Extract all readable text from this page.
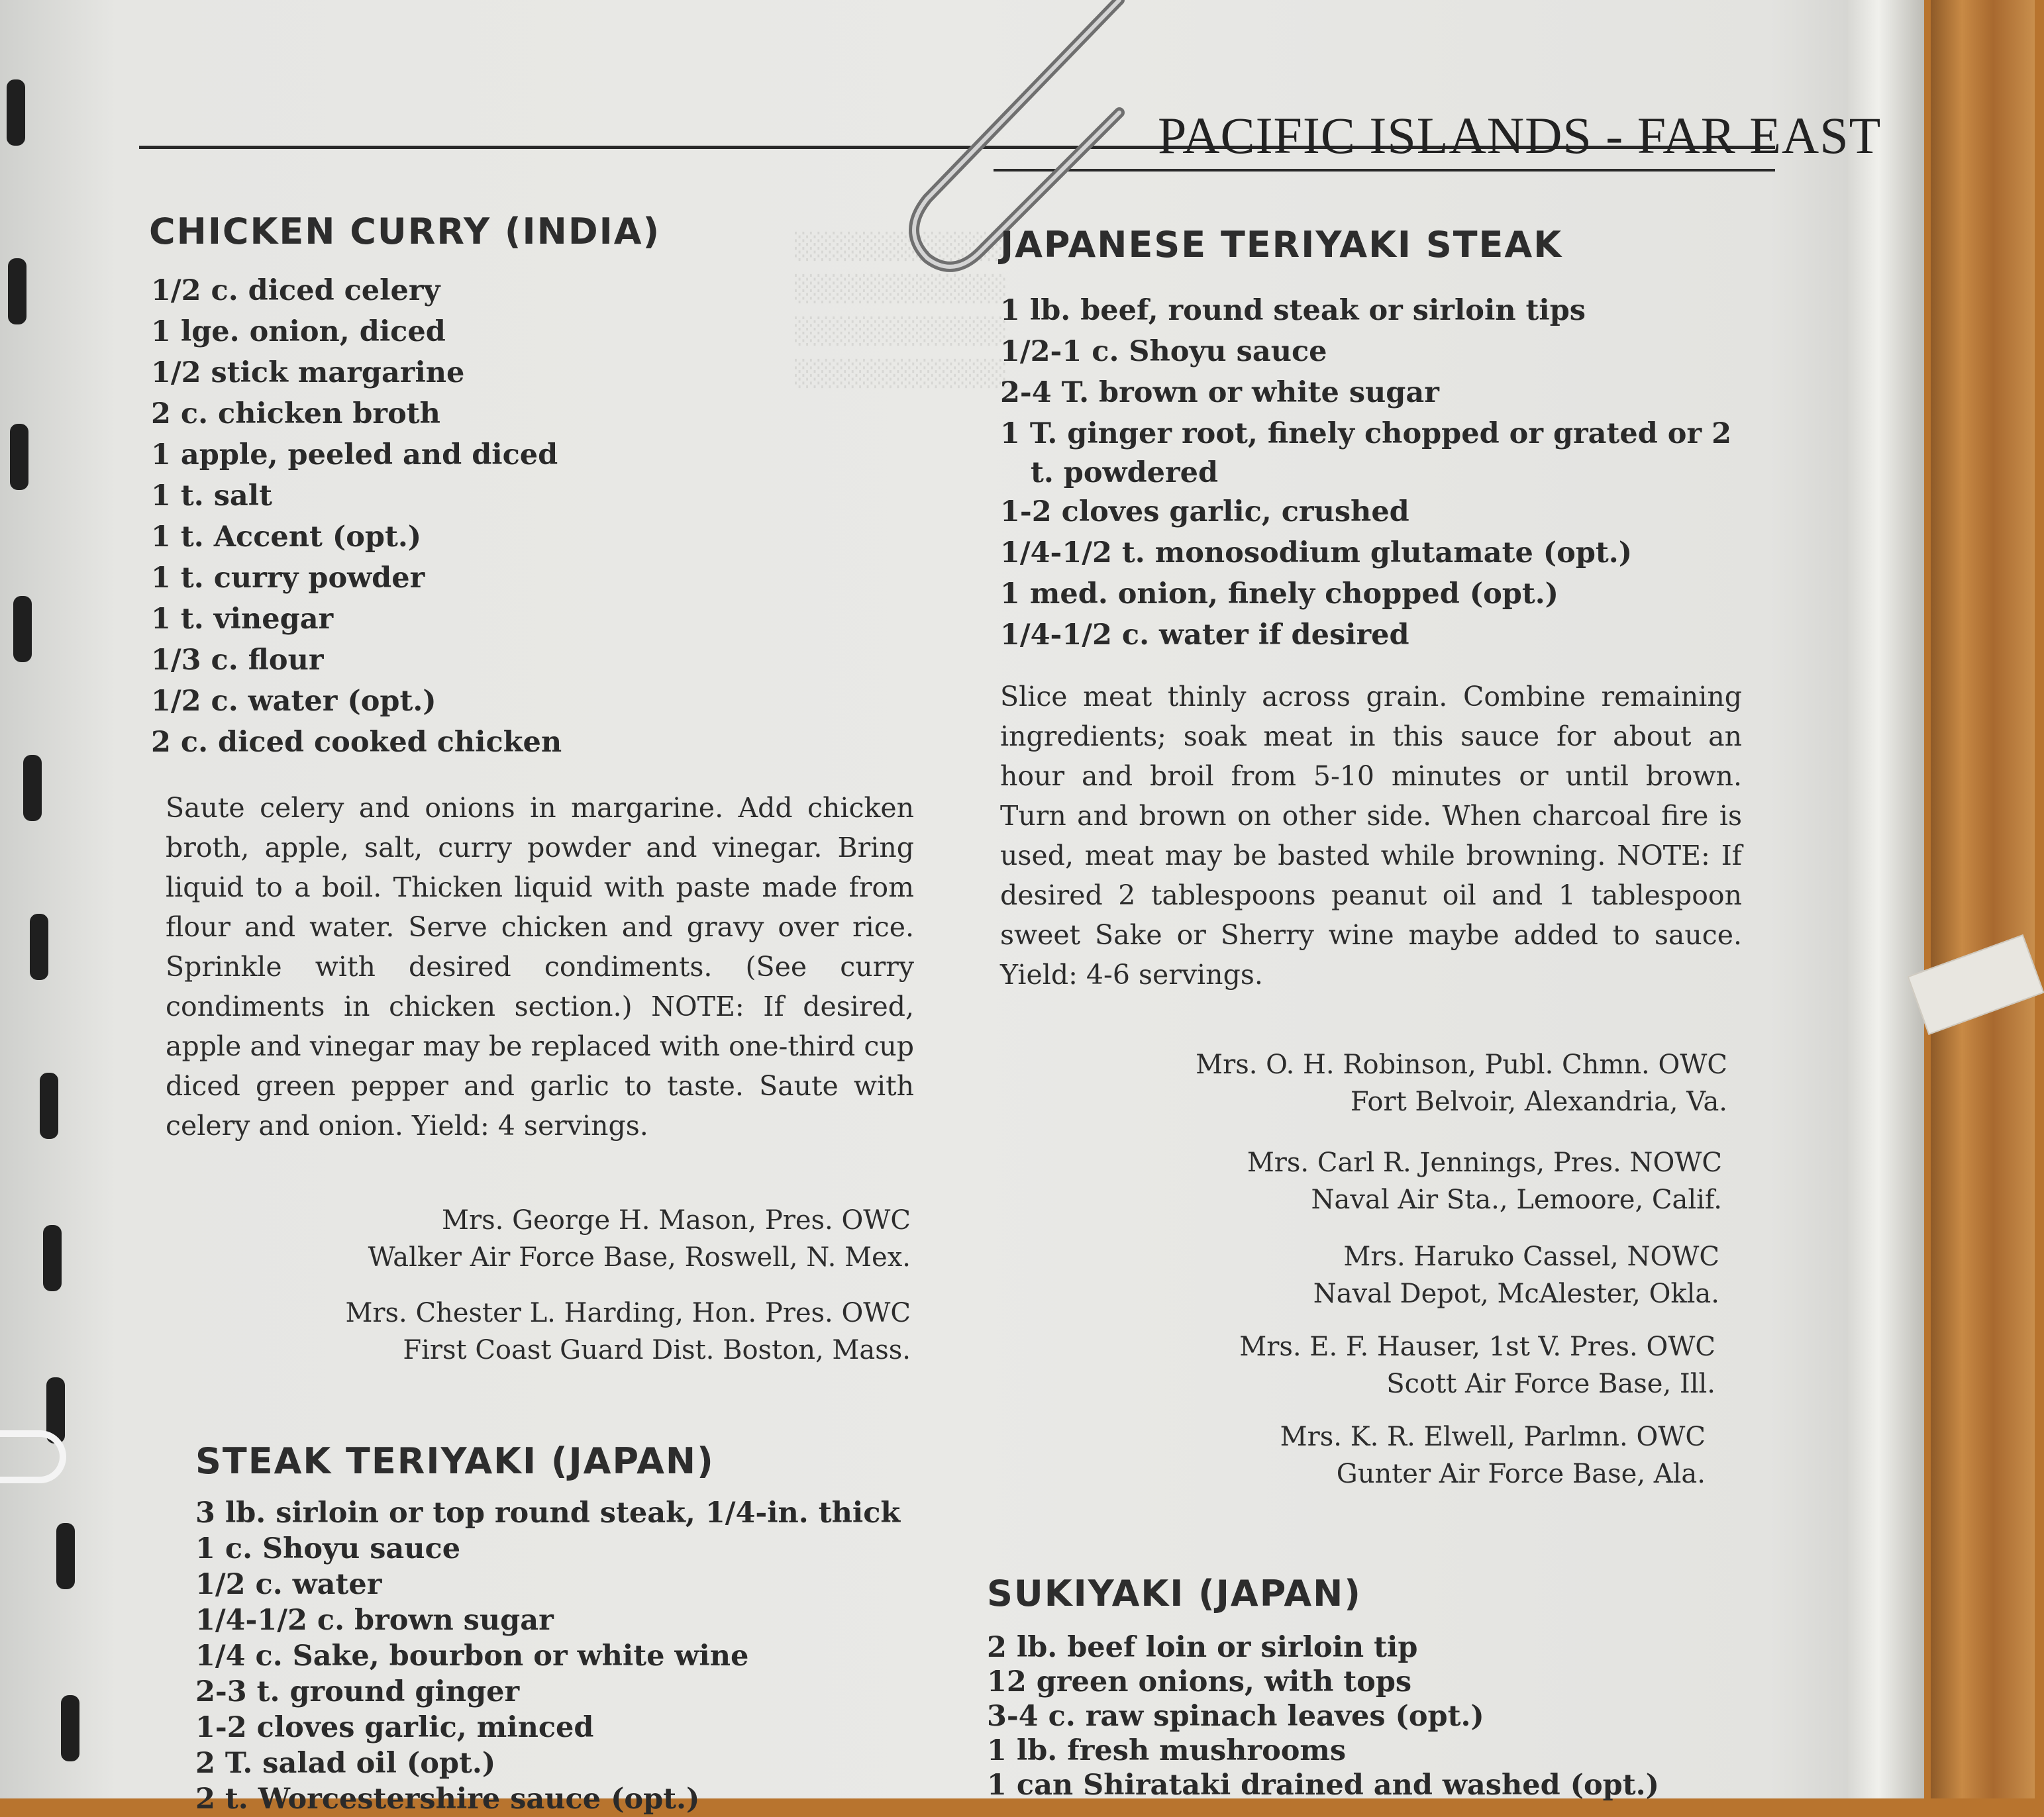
░░░░░░░░░░░░░░
░░░░░░░░░░░░░░
░░░░░░░░░░░░░░
░░░░░░░░░░░░░░
PACIFIC ISLANDS - FAR EAST
CHICKEN CURRY (INDIA)
1/2 c. diced celery
1 lge. onion, diced
1/2 stick margarine
2 c. chicken broth
1 apple, peeled and diced
1 t. salt
1 t. Accent (opt.)
1 t. curry powder
1 t. vinegar
1/3 c. flour
1/2 c. water (opt.)
2 c. diced cooked chicken

Saute celery and onions in margarine. Add chicken broth, apple, salt, curry powder and vinegar. Bring liquid to a boil. Thicken liquid with paste made from flour and water. Serve chicken and gravy over rice. Sprinkle with desired condiments. (See curry condiments in chicken section.) NOTE: If desired, apple and vinegar may be replaced with one-third cup diced green pepper and garlic to taste. Saute with celery and onion. Yield: 4 servings.

Mrs. George H. Mason, Pres. OWC
Walker Air Force Base, Roswell, N. Mex.
Mrs. Chester L. Harding, Hon. Pres. OWC
First Coast Guard Dist. Boston, Mass.
STEAK TERIYAKI (JAPAN)
3 lb. sirloin or top round steak, 1/4-in. thick
1 c. Shoyu sauce
1/2 c. water
1/4-1/2 c. brown sugar
1/4 c. Sake, bourbon or white wine
2-3 t. ground ginger
1-2 cloves garlic, minced
2 T. salad oil (opt.)
2 t. Worcestershire sauce (opt.)
JAPANESE TERIYAKI STEAK
1 lb. beef, round steak or sirloin tips
1/2-1 c. Shoyu sauce
2-4 T. brown or white sugar
1 T. ginger root, finely chopped or grated or 2
t. powdered
1-2 cloves garlic, crushed
1/4-1/2 t. monosodium glutamate (opt.)
1 med. onion, finely chopped (opt.)
1/4-1/2 c. water if desired

Slice meat thinly across grain. Combine remaining ingredients; soak meat in this sauce for about an hour and broil from 5-10 minutes or until brown. Turn and brown on other side. When charcoal fire is used, meat may be basted while browning. NOTE: If desired 2 tablespoons peanut oil and 1 tablespoon sweet Sake or Sherry wine maybe added to sauce. Yield: 4-6 servings.

Mrs. O. H. Robinson, Publ. Chmn. OWC
Fort Belvoir, Alexandria, Va.
Mrs. Carl R. Jennings, Pres. NOWC
Naval Air Sta., Lemoore, Calif.
Mrs. Haruko Cassel, NOWC
Naval Depot, McAlester, Okla.
Mrs. E. F. Hauser, 1st V. Pres. OWC
Scott Air Force Base, Ill.
Mrs. K. R. Elwell, Parlmn. OWC
Gunter Air Force Base, Ala.
SUKIYAKI (JAPAN)
2 lb. beef loin or sirloin tip
12 green onions, with tops
3-4 c. raw spinach leaves (opt.)
1 lb. fresh mushrooms
1 can Shirataki drained and washed (opt.)
